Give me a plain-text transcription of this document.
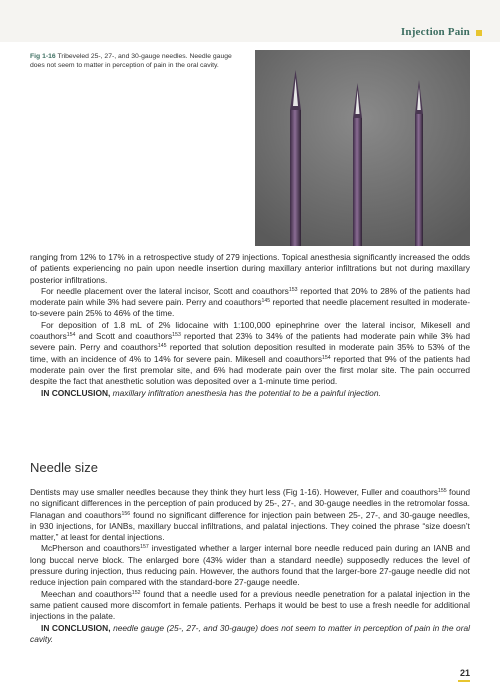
Injection Pain
Fig 1-16 Tribeveled 25-, 27-, and 30-gauge needles. Needle gauge does not seem to matter in perception of pain in the oral cavity.

ranging from 12% to 17% in a retrospective study of 279 injections. Topical anesthesia significantly increased the odds of patients experiencing no pain upon needle insertion during maxillary anterior infiltrations but not during maxillary posterior infiltrations.

For needle placement over the lateral incisor, Scott and coauthors$^{153}$ reported that 20% to 28% of the patients had moderate pain while 3% had severe pain. Perry and coauthors$^{145}$ reported that needle placement resulted in moderate-to-severe pain 25% to 46% of the time.

For deposition of 1.8 mL of 2% lidocaine with 1:100,000 epinephrine over the lateral incisor, Mikesell and coauthors$^{154}$ and Scott and coauthors$^{153}$ reported that 23% to 34% of the patients had moderate pain while 3% had severe pain. Perry and coauthors$^{145}$ reported that solution deposition resulted in moderate pain 35% to 53% of the time, with an incidence of 4% to 14% for severe pain. Mikesell and coauthors$^{154}$ reported that 9% of the patients had moderate pain over the first premolar site, and 6% had moderate pain over the first molar site. The pain occurred despite the fact that anesthetic solution was deposited over a 1-minute time period.

IN CONCLUSION, maxillary infiltration anesthesia has the potential to be a painful injection.

Needle size

Dentists may use smaller needles because they think they hurt less (Fig 1-16). However, Fuller and coauthors$^{155}$ found no significant differences in the perception of pain produced by 25-, 27-, and 30-gauge needles in the retromolar fossa. Flanagan and coauthors$^{156}$ found no significant difference for injection pain between 25-, 27-, and 30-gauge needles, in 930 injections, for IANBs, maxillary buccal infiltrations, and palatal injections. They coined the phrase “size doesn’t matter,” at least for dental injections.

McPherson and coauthors$^{157}$ investigated whether a larger internal bore needle reduced pain during an IANB and long buccal nerve block. The enlarged bore (43% wider than a standard needle) supposedly reduces the level of pressure during injection, thus reducing pain. However, the authors found that the larger-bore 27-gauge needle did not reduce injection pain compared with the standard-bore 27-gauge needle.

Meechan and coauthors$^{152}$ found that a needle used for a previous needle penetration for a palatal injection in the same patient caused more discomfort in female patients. Perhaps it would be best to use a fresh needle for additional injections in the palate.

IN CONCLUSION, needle gauge (25-, 27-, and 30-gauge) does not seem to matter in perception of pain in the oral cavity.

21
